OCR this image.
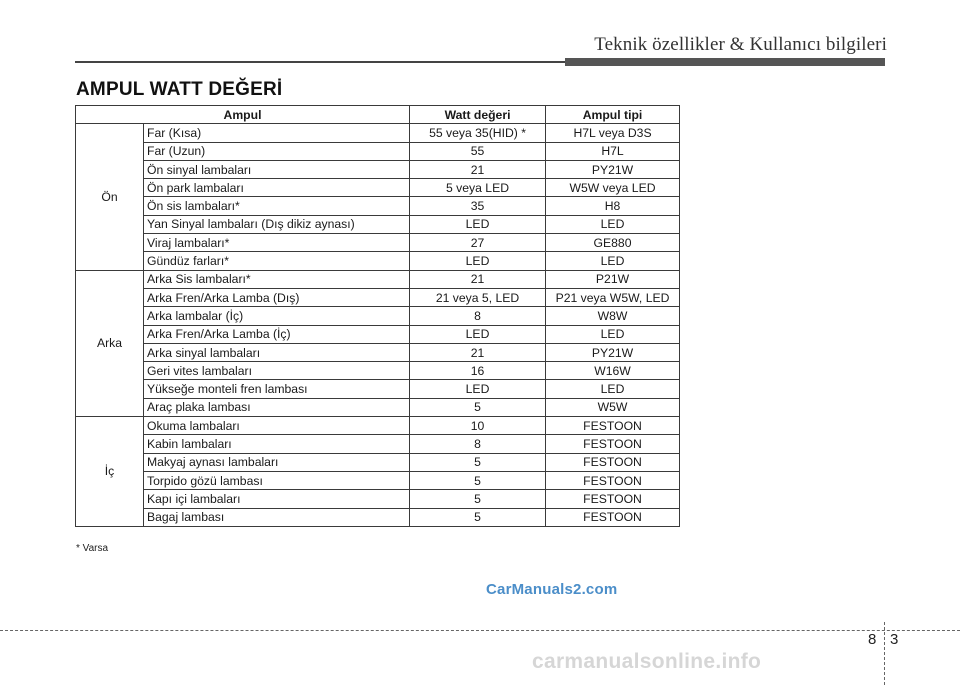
Teknik özellikler & Kullanıcı bilgileri
AMPUL WATT DEĞERİ
Ampul		Watt değeri	Ampul tipi
Ön	Far (Kısa)	55 veya 35(HID) *	H7L veya D3S
	Far (Uzun)	55	H7L
	Ön sinyal lambaları	21	PY21W
	Ön park lambaları	5 veya LED	W5W veya LED
	Ön sis lambaları*	35	H8
	Yan Sinyal lambaları (Dış dikiz aynası)	LED	LED
	Viraj lambaları*	27	GE880
	Gündüz farları*	LED	LED
Arka	Arka Sis lambaları*	21	P21W
	Arka Fren/Arka Lamba (Dış)	21 veya 5, LED	P21 veya W5W, LED
	Arka lambalar (İç)	8	W8W
	Arka Fren/Arka Lamba (İç)	LED	LED
	Arka sinyal lambaları	21	PY21W
	Geri vites lambaları	16	W16W
	Yükseğe monteli fren lambası	LED	LED
	Araç plaka lambası	5	W5W
İç	Okuma lambaları	10	FESTOON
	Kabin lambaları	8	FESTOON
	Makyaj aynası lambaları	5	FESTOON
	Torpido gözü lambası	5	FESTOON
	Kapı içi lambaları	5	FESTOON
	Bagaj lambası	5	FESTOON
* Varsa
CarManuals2.com
8 3
carmanualsonline.info
